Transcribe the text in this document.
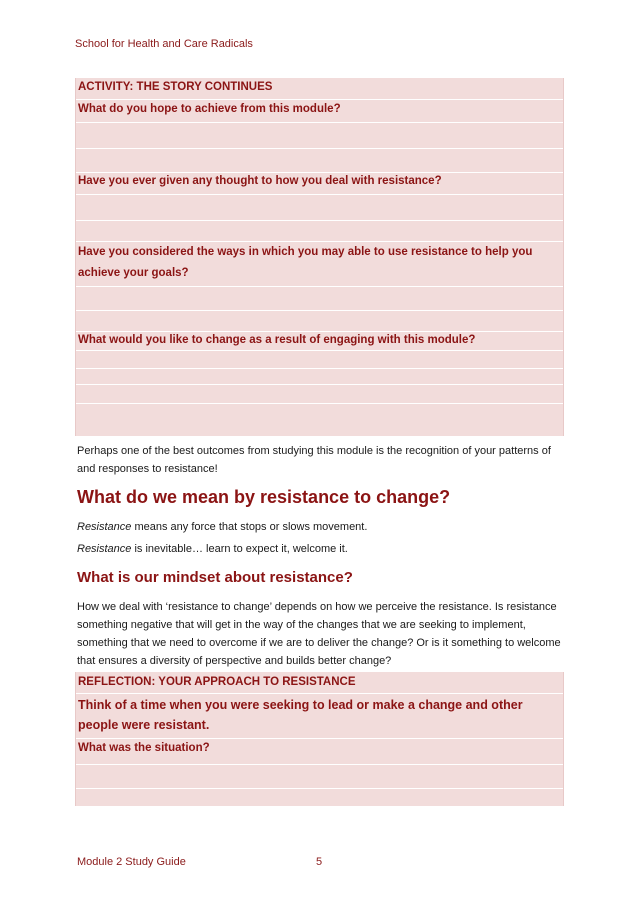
School for Health and Care Radicals
ACTIVITY: THE STORY CONTINUES
What do you hope to achieve from this module?
Have you ever given any thought to how you deal with resistance?
Have you considered the ways in which you may able to use resistance to help you achieve your goals?
What would you like to change as a result of engaging with this module?
Perhaps one of the best outcomes from studying this module is the recognition of your patterns of and responses to resistance!
What do we mean by resistance to change?
Resistance means any force that stops or slows movement.
Resistance is inevitable… learn to expect it, welcome it.
What is our mindset about resistance?
How we deal with ‘resistance to change’ depends on how we perceive the resistance. Is resistance something negative that will get in the way of the changes that we are seeking to implement, something that we need to overcome if we are to deliver the change? Or is it something to welcome that ensures a diversity of perspective and builds better change?
REFLECTION: YOUR APPROACH TO RESISTANCE
Think of a time when you were seeking to lead or make a change and other people were resistant.
What was the situation?
Module 2 Study Guide	5
